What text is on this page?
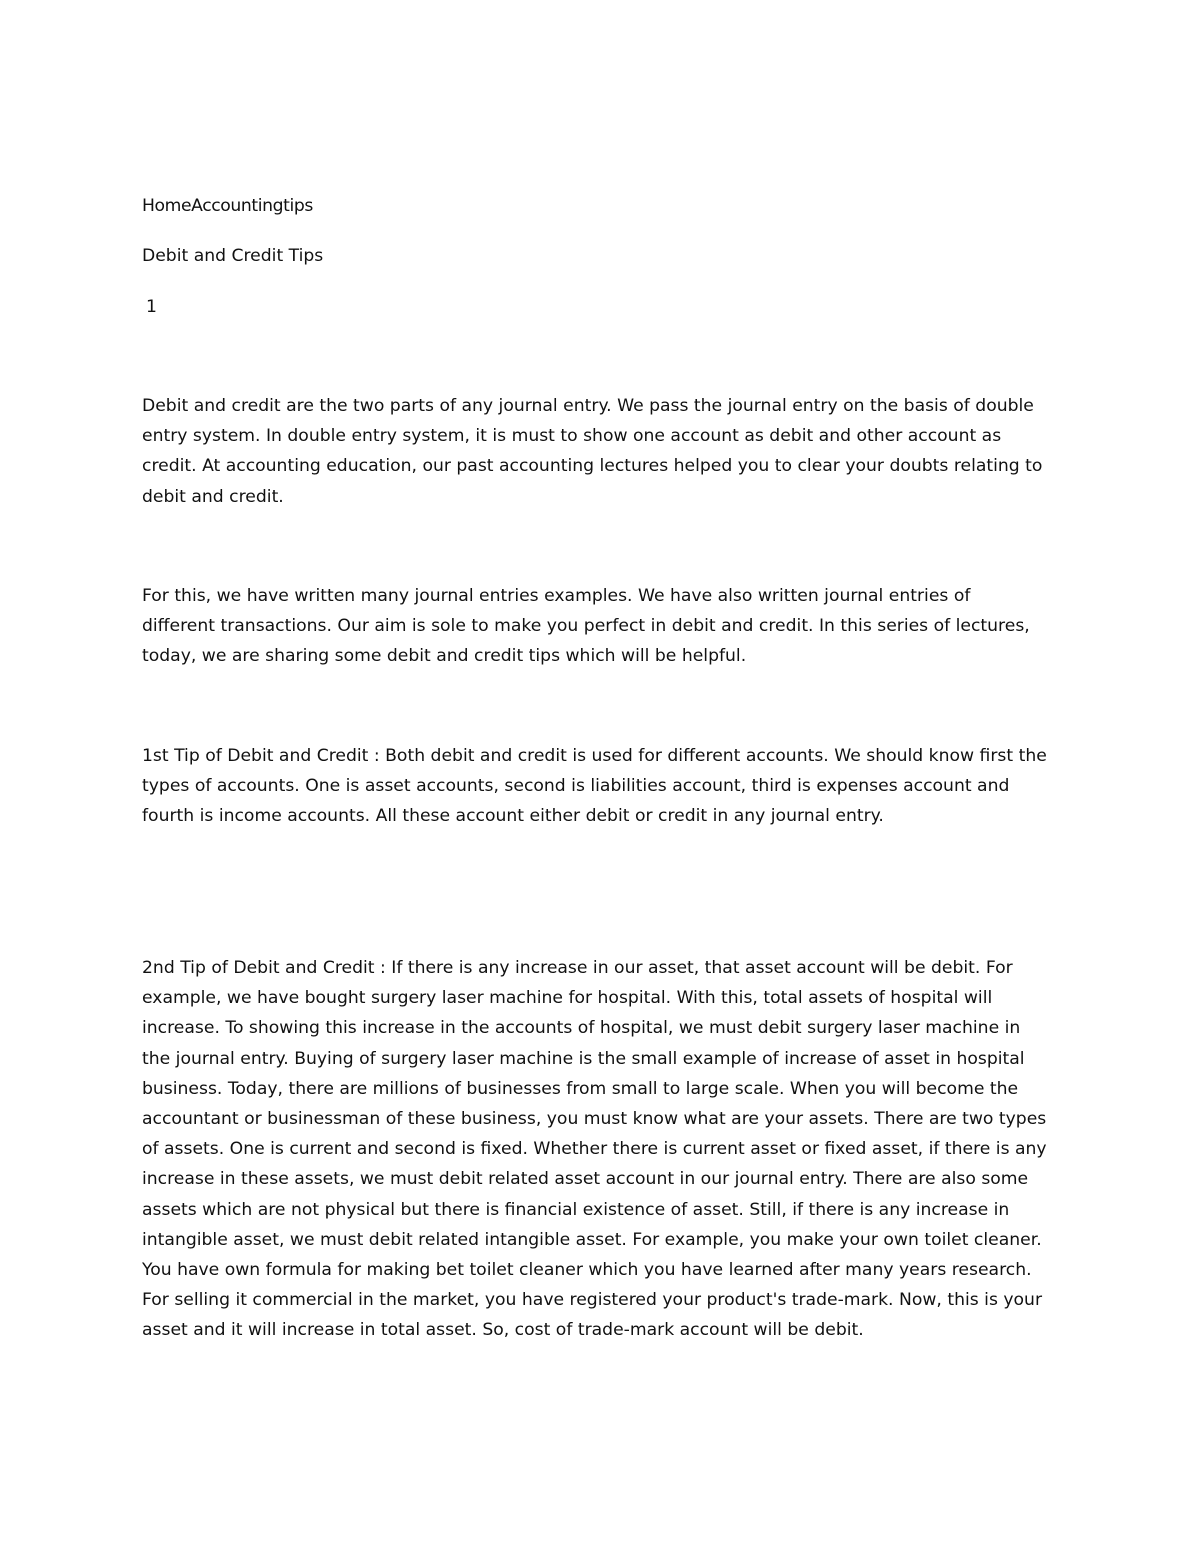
HomeAccountingtips
Debit and Credit Tips
1
Debit and credit are the two parts of any journal entry. We pass the journal entry on the basis of double
entry system. In double entry system, it is must to show one account as debit and other account as
credit. At accounting education, our past accounting lectures helped you to clear your doubts relating to
debit and credit.
For this, we have written many journal entries examples. We have also written journal entries of
different transactions. Our aim is sole to make you perfect in debit and credit. In this series of lectures,
today, we are sharing some debit and credit tips which will be helpful.
1st Tip of Debit and Credit : Both debit and credit is used for different accounts. We should know first the
types of accounts. One is asset accounts, second is liabilities account, third is expenses account and
fourth is income accounts. All these account either debit or credit in any journal entry.
2nd Tip of Debit and Credit : If there is any increase in our asset, that asset account will be debit. For
example, we have bought surgery laser machine for hospital. With this, total assets of hospital will
increase. To showing this increase in the accounts of hospital, we must debit surgery laser machine in
the journal entry. Buying of surgery laser machine is the small example of increase of asset in hospital
business. Today, there are millions of businesses from small to large scale. When you will become the
accountant or businessman of these business, you must know what are your assets. There are two types
of assets. One is current and second is fixed. Whether there is current asset or fixed asset, if there is any
increase in these assets, we must debit related asset account in our journal entry. There are also some
assets which are not physical but there is financial existence of asset. Still, if there is any increase in
intangible asset, we must debit related intangible asset. For example, you make your own toilet cleaner.
You have own formula for making bet toilet cleaner which you have learned after many years research.
For selling it commercial in the market, you have registered your product's trade-mark. Now, this is your
asset and it will increase in total asset. So, cost of trade-mark account will be debit.
